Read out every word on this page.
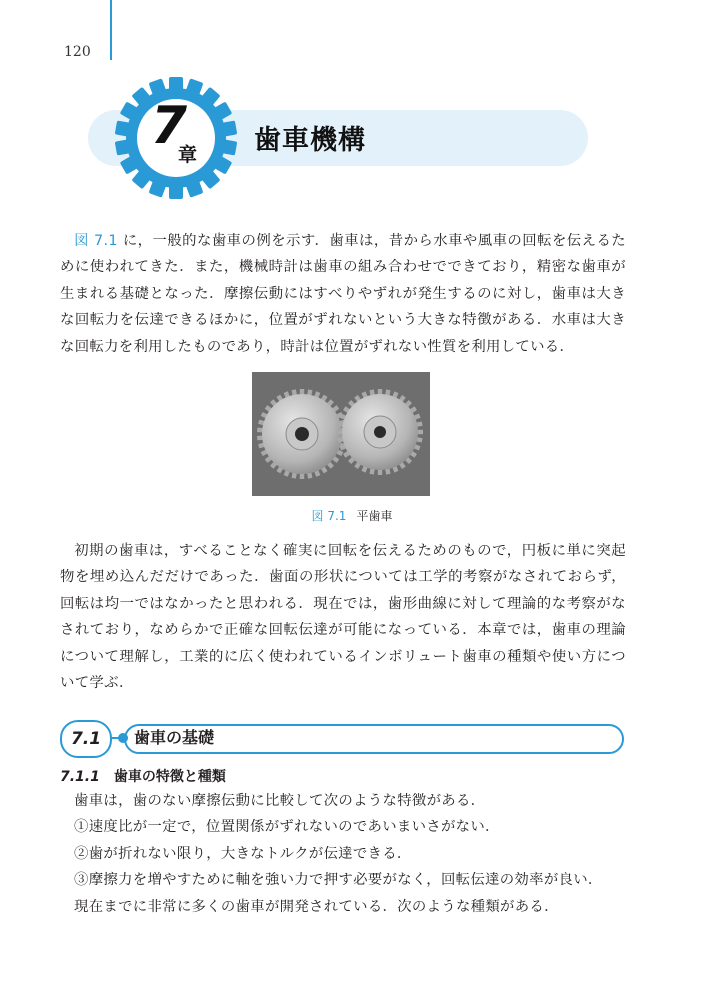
120
7
章 歯車機構

図 7.1 に，一般的な歯車の例を示す．歯車は，昔から水車や風車の回転を伝えるために使われてきた．また，機械時計は歯車の組み合わせでできており，精密な歯車が生まれる基礎となった．摩擦伝動にはすべりやずれが発生するのに対し，歯車は大きな回転力を伝達できるほかに，位置がずれないという大きな特徴がある．水車は大きな回転力を利用したものであり，時計は位置がずれない性質を利用している．

図 7.1 平歯車

初期の歯車は，すべることなく確実に回転を伝えるためのもので，円板に単に突起物を埋め込んだだけであった．歯面の形状については工学的考察がなされておらず，回転は均一ではなかったと思われる．現在では，歯形曲線に対して理論的な考察がなされており，なめらかで正確な回転伝達が可能になっている．本章では，歯車の理論について理解し，工業的に広く使われているインボリュート歯車の種類や使い方について学ぶ．

7.1	歯車の基礎
7.1.1 歯車の特徴と種類
歯車は，歯のない摩擦伝動に比較して次のような特徴がある．
①速度比が一定で，位置関係がずれないのであいまいさがない．
②歯が折れない限り，大きなトルクが伝達できる．
③摩擦力を増やすために軸を強い力で押す必要がなく，回転伝達の効率が良い．
現在までに非常に多くの歯車が開発されている．次のような種類がある．
